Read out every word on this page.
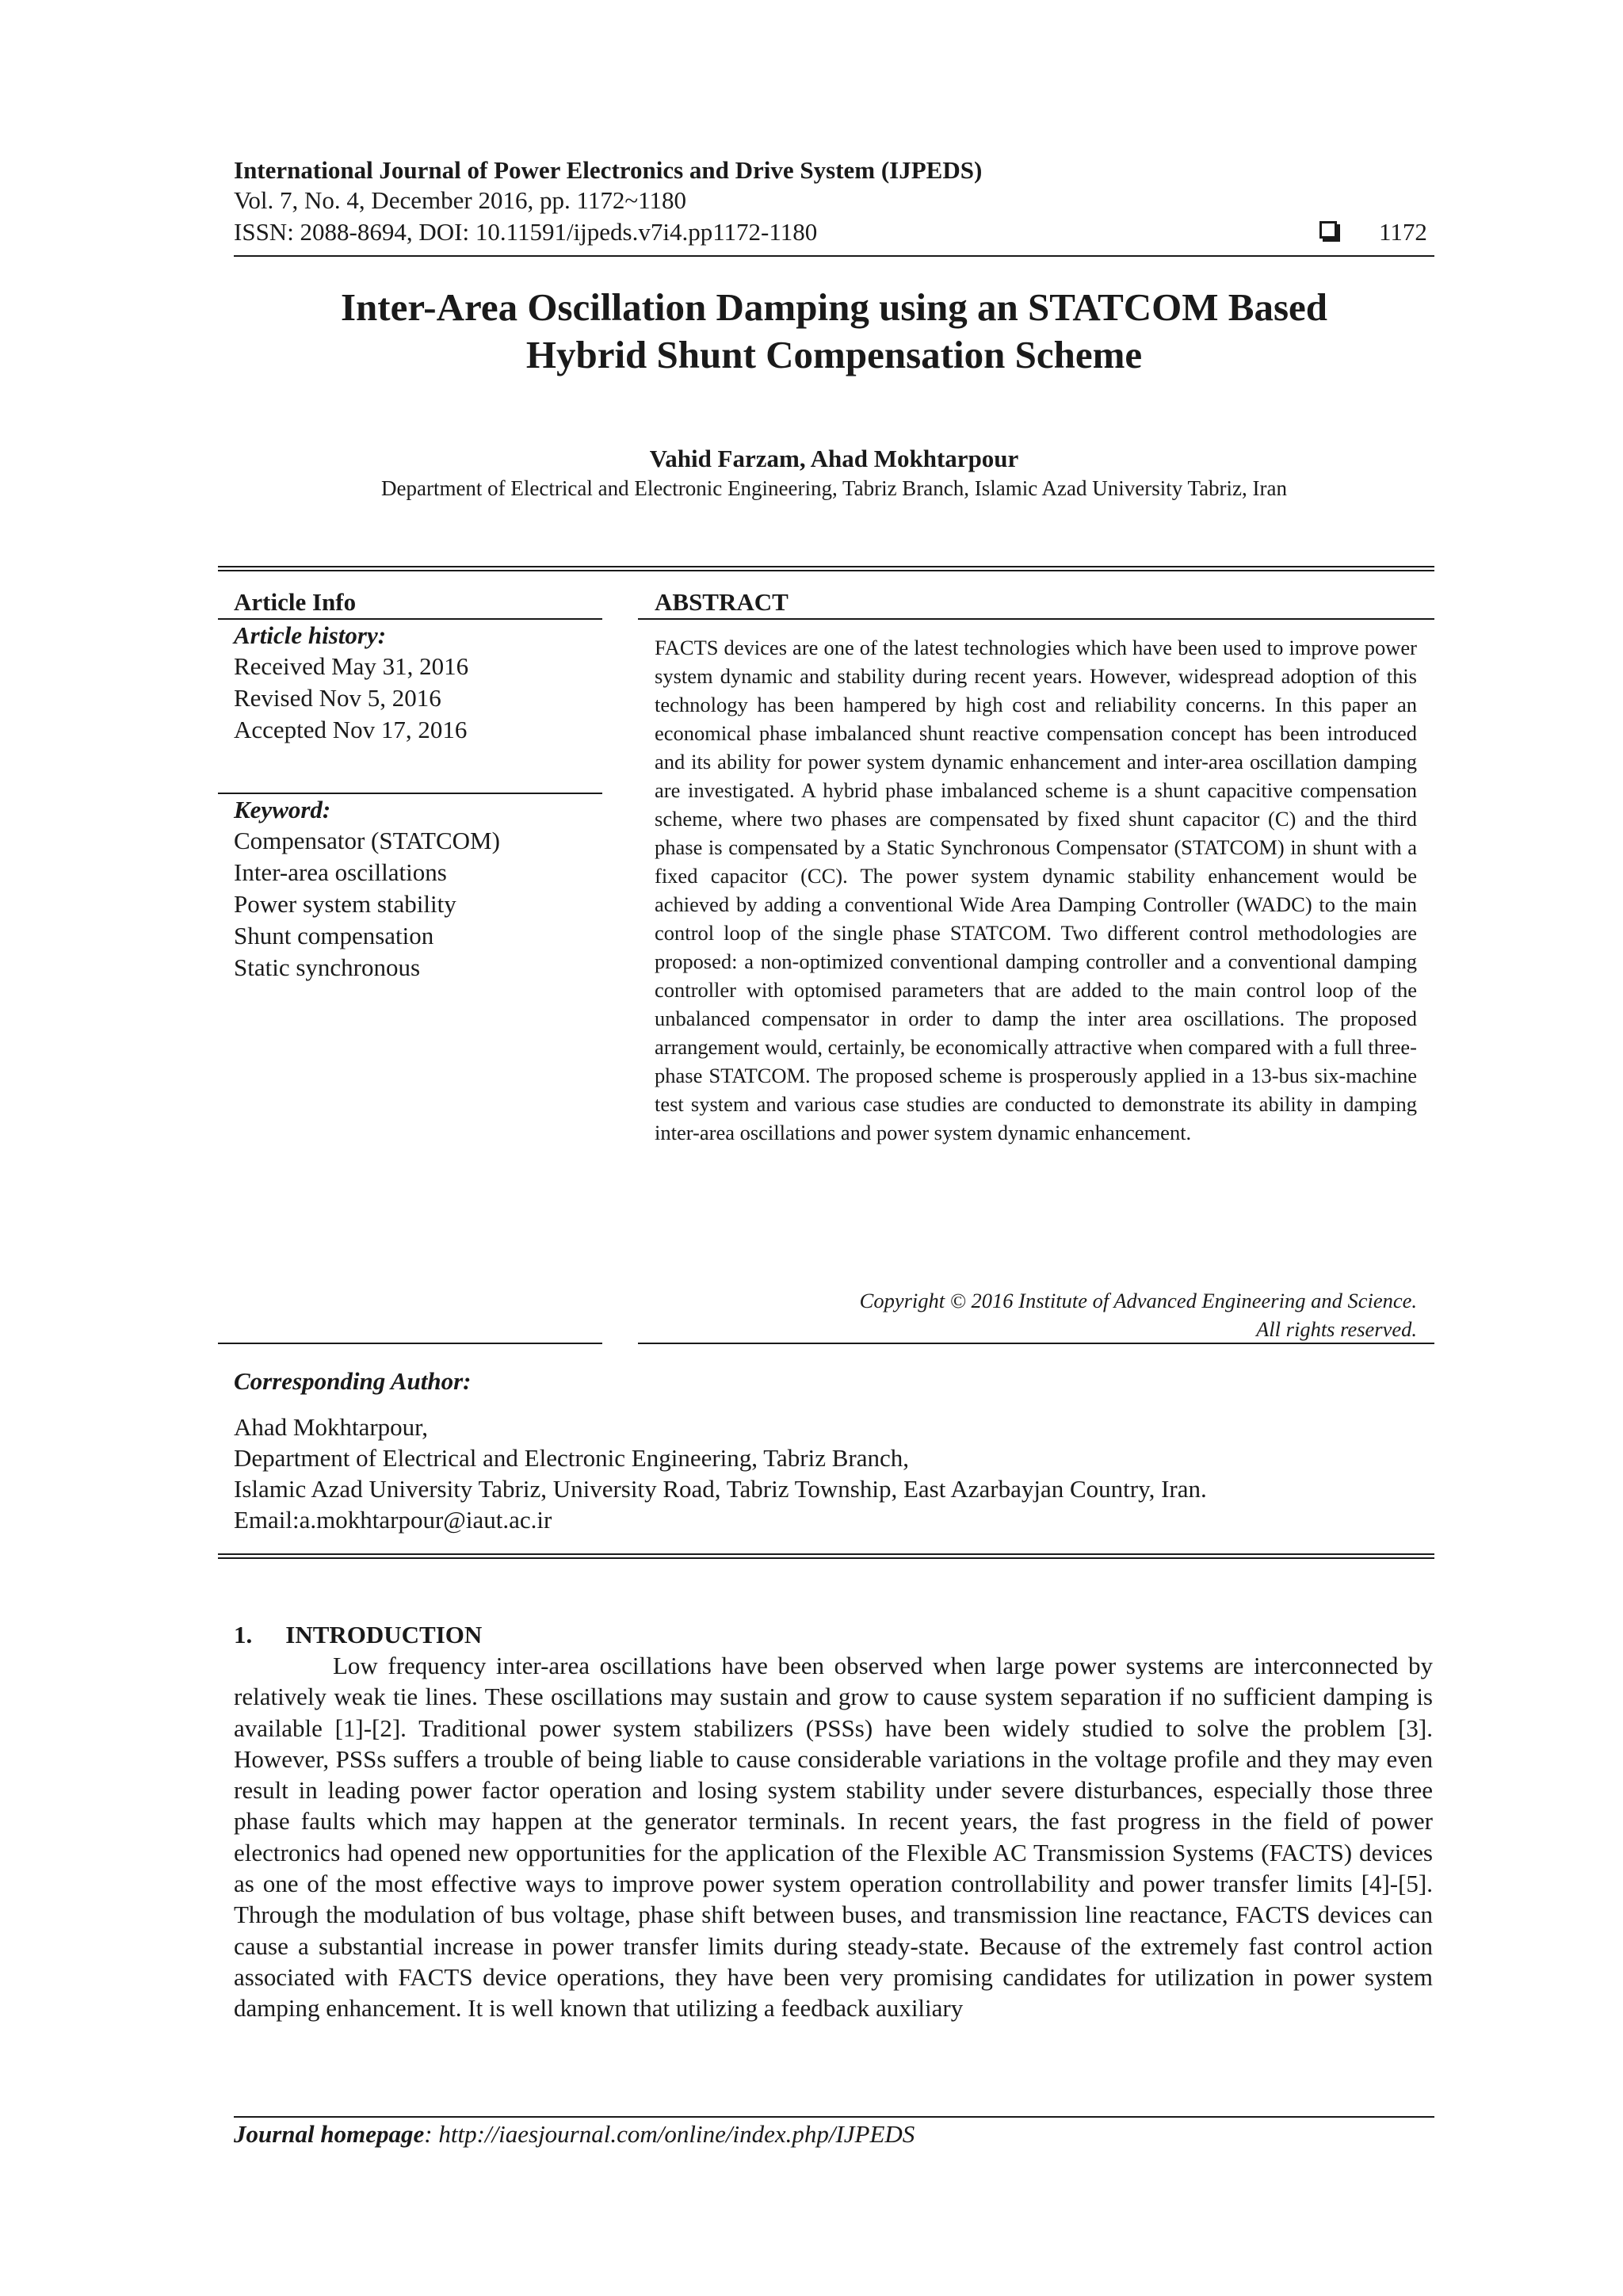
International Journal of Power Electronics and Drive System (IJPEDS)
Vol. 7, No. 4, December 2016, pp. 1172~1180
ISSN: 2088-8694, DOI: 10.11591/ijpeds.v7i4.pp1172-1180	1172
Inter-Area Oscillation Damping using an STATCOM Based
Hybrid Shunt Compensation Scheme
Vahid Farzam, Ahad Mokhtarpour
Department of Electrical and Electronic Engineering, Tabriz Branch, Islamic Azad University Tabriz, Iran
Article Info
Article history:
Received May 31, 2016
Revised Nov 5, 2016
Accepted Nov 17, 2016
Keyword:
Compensator (STATCOM)
Inter-area oscillations
Power system stability
Shunt compensation
Static synchronous
ABSTRACT
FACTS devices are one of the latest technologies which have been used to improve power system dynamic and stability during recent years. However, widespread adoption of this technology has been hampered by high cost and reliability concerns. In this paper an economical phase imbalanced shunt reactive compensation concept has been introduced and its ability for power system dynamic enhancement and inter-area oscillation damping are investigated. A hybrid phase imbalanced scheme is a shunt capacitive compensation scheme, where two phases are compensated by fixed shunt capacitor (C) and the third phase is compensated by a Static Synchronous Compensator (STATCOM) in shunt with a fixed capacitor (CC). The power system dynamic stability enhancement would be achieved by adding a conventional Wide Area Damping Controller (WADC) to the main control loop of the single phase STATCOM. Two different control methodologies are proposed: a non-optimized conventional damping controller and a conventional damping controller with optomised parameters that are added to the main control loop of the unbalanced compensator in order to damp the inter area oscillations. The proposed arrangement would, certainly, be economically attractive when compared with a full three-phase STATCOM. The proposed scheme is prosperously applied in a 13-bus six-machine test system and various case studies are conducted to demonstrate its ability in damping inter-area oscillations and power system dynamic enhancement.
Copyright © 2016 Institute of Advanced Engineering and Science.
All rights reserved.
Corresponding Author:
Ahad Mokhtarpour,
Department of Electrical and Electronic Engineering, Tabriz Branch,
Islamic Azad University Tabriz, University Road, Tabriz Township, East Azarbayjan Country, Iran.
Email:a.mokhtarpour@iaut.ac.ir
1. INTRODUCTION
Low frequency inter-area oscillations have been observed when large power systems are interconnected by relatively weak tie lines. These oscillations may sustain and grow to cause system separation if no sufficient damping is available [1]-[2]. Traditional power system stabilizers (PSSs) have been widely studied to solve the problem [3]. However, PSSs suffers a trouble of being liable to cause considerable variations in the voltage profile and they may even result in leading power factor operation and losing system stability under severe disturbances, especially those three phase faults which may happen at the generator terminals. In recent years, the fast progress in the field of power electronics had opened new opportunities for the application of the Flexible AC Transmission Systems (FACTS) devices as one of the most effective ways to improve power system operation controllability and power transfer limits [4]-[5]. Through the modulation of bus voltage, phase shift between buses, and transmission line reactance, FACTS devices can cause a substantial increase in power transfer limits during steady-state. Because of the extremely fast control action associated with FACTS device operations, they have been very promising candidates for utilization in power system damping enhancement. It is well known that utilizing a feedback auxiliary
Journal homepage: http://iaesjournal.com/online/index.php/IJPEDS
